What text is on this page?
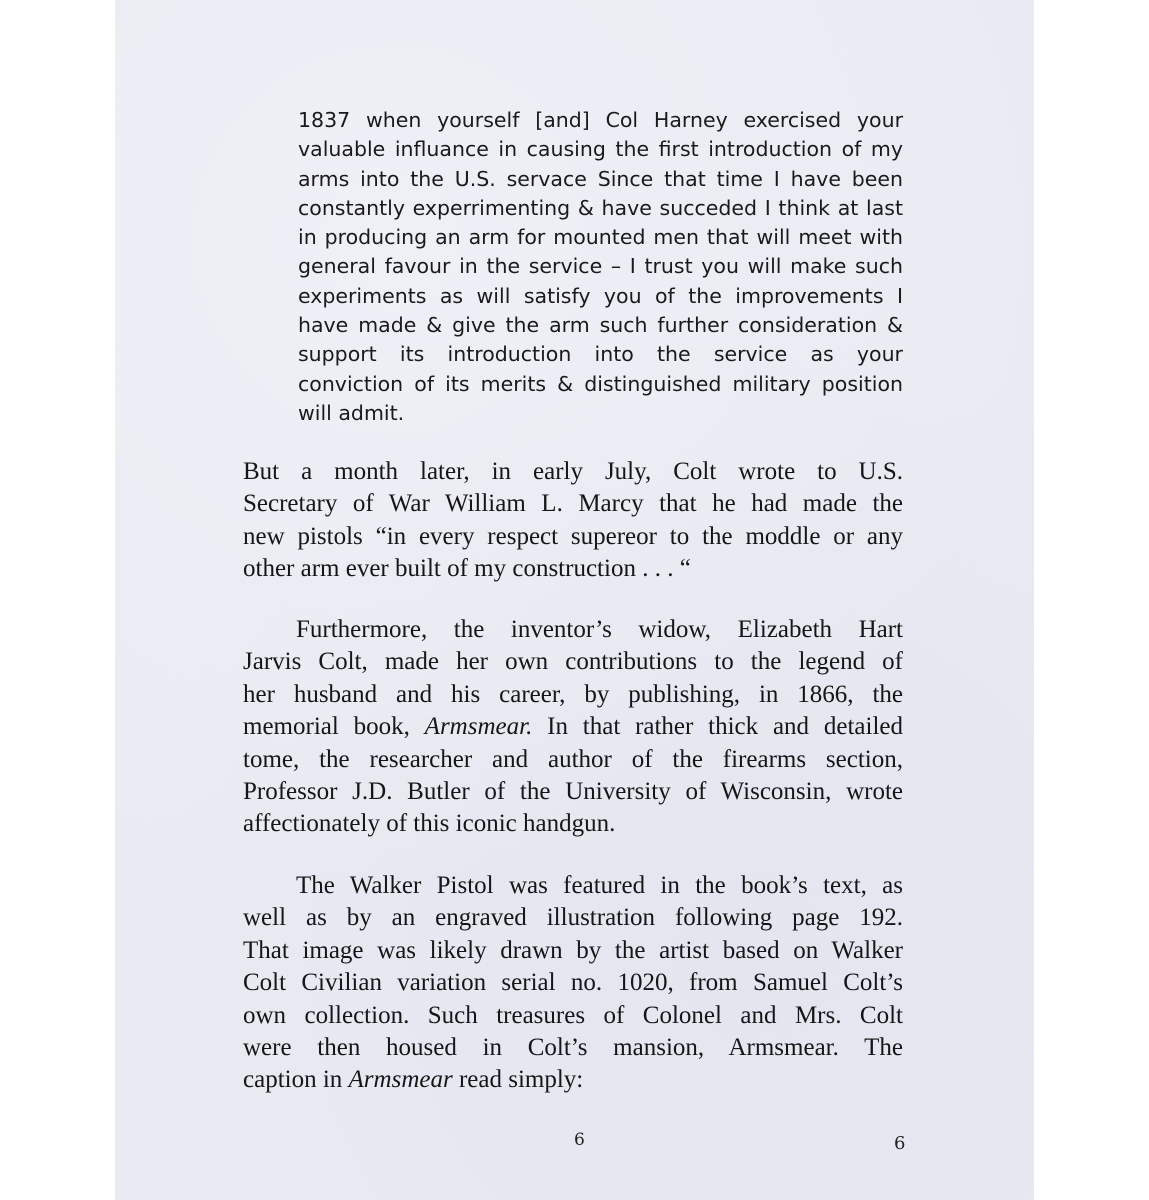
1837 when yourself [and] Col Harney exercised your
valuable influance in causing the first introduction of my
arms into the U.S. servace Since that time I have been
constantly experrimenting & have succeded I think at last
in producing an arm for mounted men that will meet with
general favour in the service – I trust you will make such
experiments as will satisfy you of the improvements I
have made & give the arm such further consideration &
support its introduction into the service as your
conviction of its merits & distinguished military position
will admit.
But a month later, in early July, Colt wrote to U.S.
Secretary of War William L. Marcy that he had made the
new pistols “in every respect supereor to the moddle or any
other arm ever built of my construction . . . “
Furthermore, the inventor’s widow, Elizabeth Hart
Jarvis Colt, made her own contributions to the legend of
her husband and his career, by publishing, in 1866, the
memorial book, Armsmear. In that rather thick and detailed
tome, the researcher and author of the firearms section,
Professor J.D. Butler of the University of Wisconsin, wrote
affectionately of this iconic handgun.
The Walker Pistol was featured in the book’s text, as
well as by an engraved illustration following page 192.
That image was likely drawn by the artist based on Walker
Colt Civilian variation serial no. 1020, from Samuel Colt’s
own collection. Such treasures of Colonel and Mrs. Colt
were then housed in Colt’s mansion, Armsmear. The
caption in Armsmear read simply:
6	6
